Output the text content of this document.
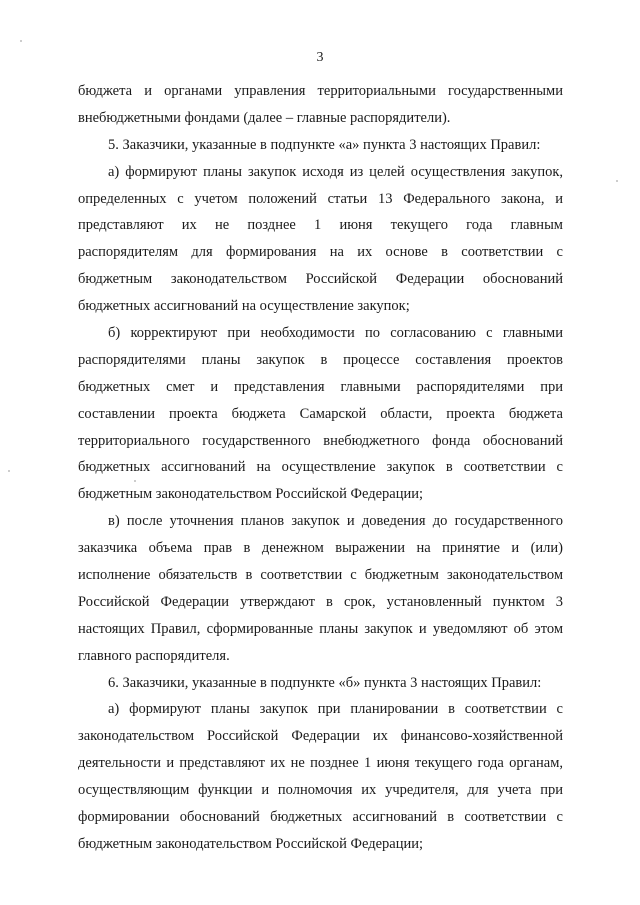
3
бюджета и органами управления территориальными государственными
внебюджетными фондами (далее – главные распорядители).
5. Заказчики, указанные в подпункте «а» пункта 3 настоящих Правил:
а) формируют планы закупок исходя из целей осуществления закупок,
определенных с учетом положений статьи 13 Федерального закона, и
представляют их не позднее 1 июня текущего года главным
распорядителям для формирования на их основе в соответствии с
бюджетным законодательством Российской Федерации обоснований
бюджетных ассигнований на осуществление закупок;
б) корректируют при необходимости по согласованию с главными
распорядителями планы закупок в процессе составления проектов
бюджетных смет и представления главными распорядителями при
составлении проекта бюджета Самарской области, проекта бюджета
территориального государственного внебюджетного фонда обоснований
бюджетных ассигнований на осуществление закупок в соответствии с
бюджетным законодательством Российской Федерации;
в) после уточнения планов закупок и доведения до государственного
заказчика объема прав в денежном выражении на принятие и (или)
исполнение обязательств в соответствии с бюджетным законодательством
Российской Федерации утверждают в срок, установленный пунктом 3
настоящих Правил, сформированные планы закупок и уведомляют об этом
главного распорядителя.
6. Заказчики, указанные в подпункте «б» пункта 3 настоящих Правил:
а) формируют планы закупок при планировании в соответствии с
законодательством Российской Федерации их финансово-хозяйственной
деятельности и представляют их не позднее 1 июня текущего года органам,
осуществляющим функции и полномочия их учредителя, для учета при
формировании обоснований бюджетных ассигнований в соответствии с
бюджетным законодательством Российской Федерации;
